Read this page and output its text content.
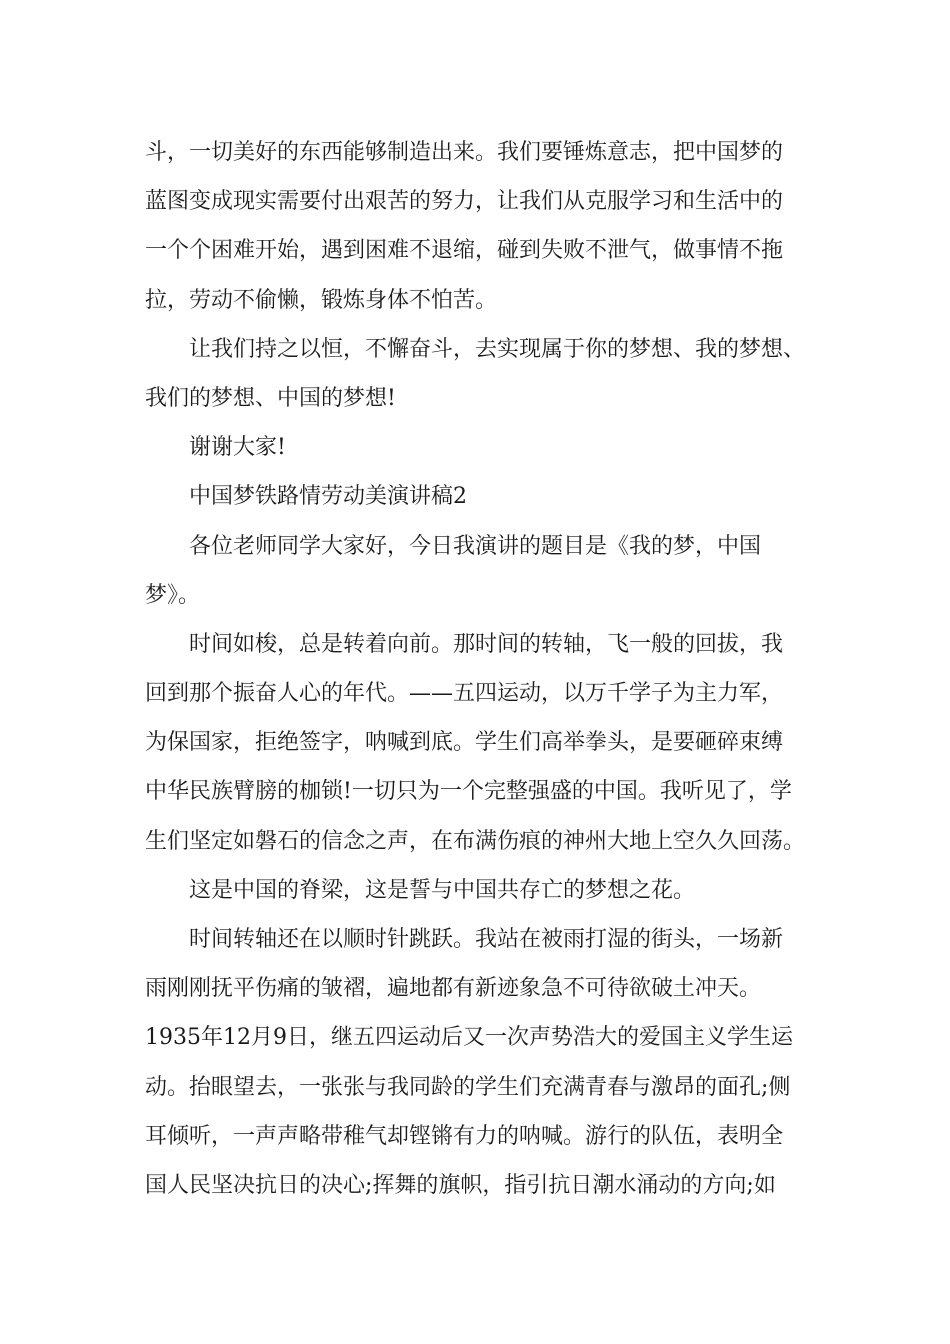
斗，一切美好的东西能够制造出来。我们要锤炼意志，把中国梦的
蓝图变成现实需要付出艰苦的努力，让我们从克服学习和生活中的
一个个困难开始，遇到困难不退缩，碰到失败不泄气，做事情不拖
拉，劳动不偷懒，锻炼身体不怕苦。
让我们持之以恒，不懈奋斗，去实现属于你的梦想、我的梦想、
我们的梦想、中国的梦想!
谢谢大家!
中国梦铁路情劳动美演讲稿2
各位老师同学大家好，今日我演讲的题目是《我的梦，中国
梦》。
时间如梭，总是转着向前。那时间的转轴，飞一般的回拔，我
回到那个振奋人心的年代。——五四运动，以万千学子为主力军，
为保国家，拒绝签字，呐喊到底。学生们高举拳头，是要砸碎束缚
中华民族臂膀的枷锁!一切只为一个完整强盛的中国。我听见了，学
生们坚定如磐石的信念之声，在布满伤痕的神州大地上空久久回荡。
这是中国的脊梁，这是誓与中国共存亡的梦想之花。
时间转轴还在以顺时针跳跃。我站在被雨打湿的街头，一场新
雨刚刚抚平伤痛的皱褶，遍地都有新迹象急不可待欲破土冲天。
1935年12月9日，继五四运动后又一次声势浩大的爱国主义学生运
动。抬眼望去，一张张与我同龄的学生们充满青春与激昂的面孔;侧
耳倾听，一声声略带稚气却铿锵有力的呐喊。游行的队伍，表明全
国人民坚决抗日的决心;挥舞的旗帜，指引抗日潮水涌动的方向;如
